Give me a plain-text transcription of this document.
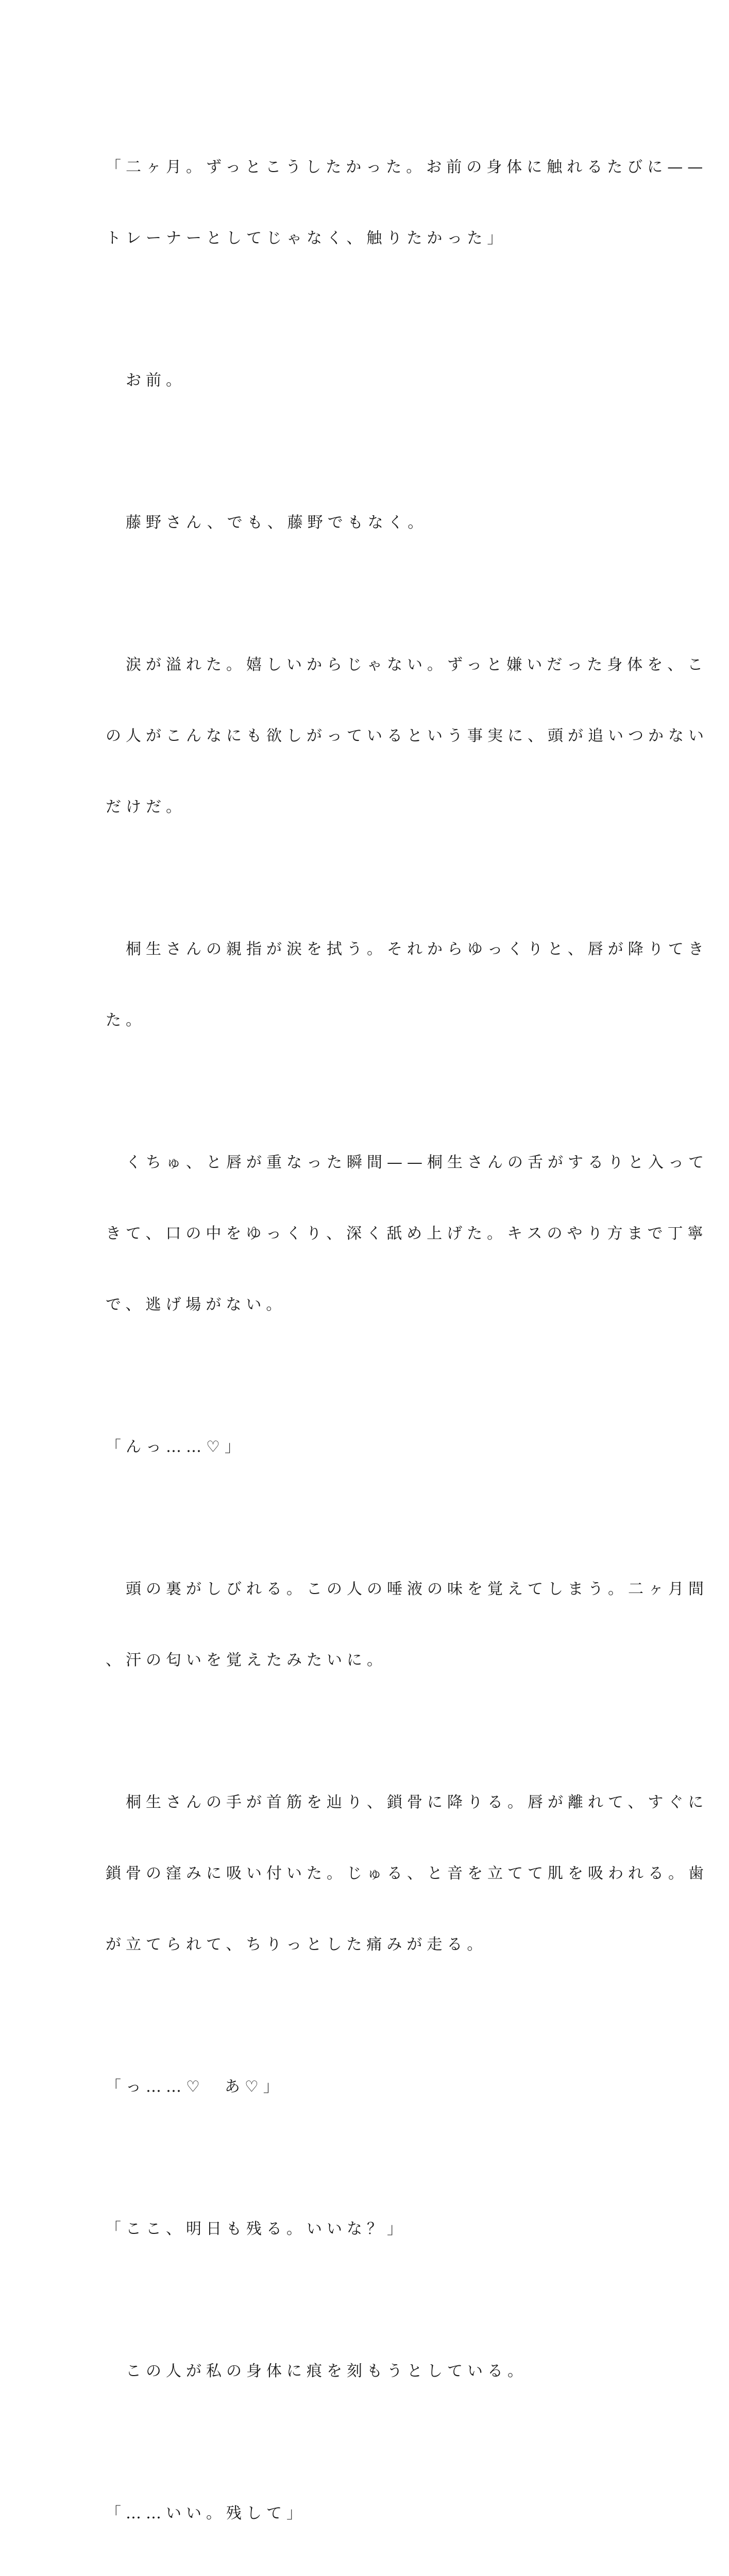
「二ヶ月。ずっとこうしたかった。お前の身体に触れるたびに——

トレーナーとしてじゃなく、触りたかった」

　お前。

　藤野さん、でも、藤野でもなく。

　涙が溢れた。嬉しいからじゃない。ずっと嫌いだった身体を、こ

の人がこんなにも欲しがっているという事実に、頭が追いつかない

だけだ。

　桐生さんの親指が涙を拭う。それからゆっくりと、唇が降りてき

た。

　くちゅ、と唇が重なった瞬間——桐生さんの舌がするりと入って

きて、口の中をゆっくり、深く舐め上げた。キスのやり方まで丁寧

で、逃げ場がない。

「んっ……♡」

　頭の裏がしびれる。この人の唾液の味を覚えてしまう。二ヶ月間

、汗の匂いを覚えたみたいに。

　桐生さんの手が首筋を辿り、鎖骨に降りる。唇が離れて、すぐに

鎖骨の窪みに吸い付いた。じゅる、と音を立てて肌を吸われる。歯

が立てられて、ちりっとした痛みが走る。

「っ……♡　あ♡」

「ここ、明日も残る。いいな？」

　この人が私の身体に痕を刻もうとしている。

「……いい。残して」
